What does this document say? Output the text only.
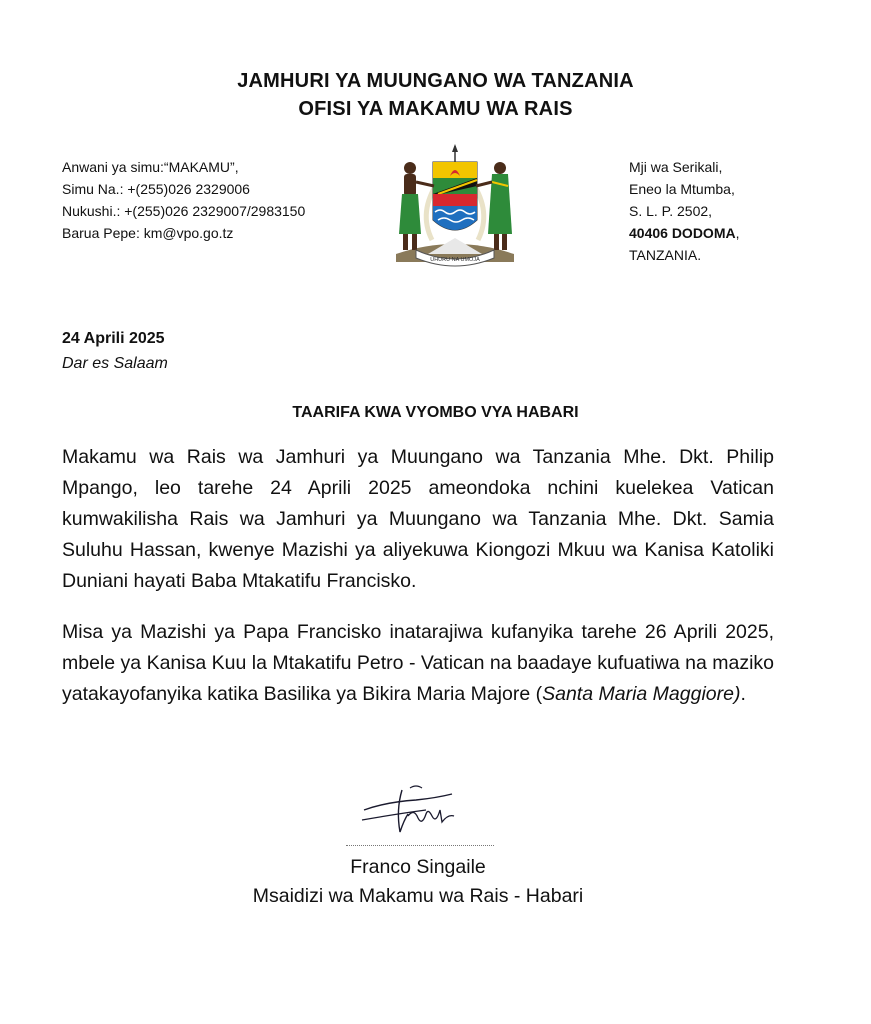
JAMHURI YA MUUNGANO WA TANZANIA
OFISI YA MAKAMU WA RAIS
Anwani ya simu:“MAKAMU”,
Simu Na.: +(255)026 2329006
Nukushi.: +(255)026 2329007/2983150
Barua Pepe: km@vpo.go.tz
UHURU NA UMOJA
Mji wa Serikali,
Eneo la Mtumba,
S. L. P. 2502,
40406 DODOMA,
TANZANIA.
24 Aprili 2025
Dar es Salaam
TAARIFA KWA VYOMBO VYA HABARI
Makamu wa Rais wa Jamhuri ya Muungano wa Tanzania Mhe. Dkt. Philip Mpango, leo tarehe 24 Aprili 2025 ameondoka nchini kuelekea Vatican kumwakilisha Rais wa Jamhuri ya Muungano wa Tanzania Mhe. Dkt. Samia Suluhu Hassan, kwenye Mazishi ya aliyekuwa Kiongozi Mkuu wa Kanisa Katoliki Duniani hayati Baba Mtakatifu Francisko.
Misa ya Mazishi ya Papa Francisko inatarajiwa kufanyika tarehe 26 Aprili 2025, mbele ya Kanisa Kuu la Mtakatifu Petro - Vatican na baadaye kufuatiwa na maziko yatakayofanyika katika Basilika ya Bikira Maria Majore (Santa Maria Maggiore).
Franco Singaile
Msaidizi wa Makamu wa Rais - Habari
